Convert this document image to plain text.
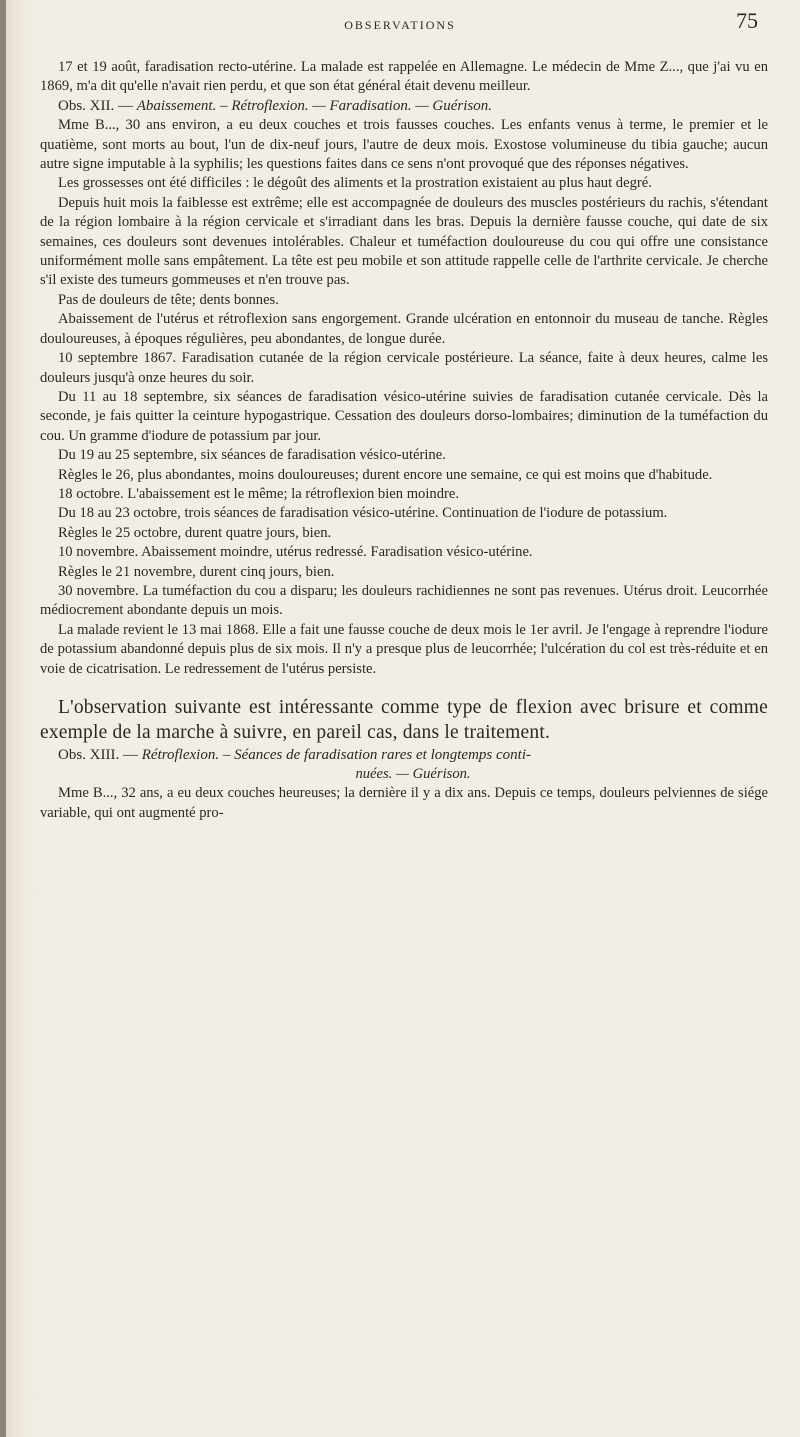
OBSERVATIONS	75

17 et 19 août, faradisation recto-utérine. La malade est rappelée en Allemagne. Le médecin de Mme Z..., que j'ai vu en 1869, m'a dit qu'elle n'avait rien perdu, et que son état général était devenu meilleur.

Obs. XII. — Abaissement. – Rétroflexion. — Faradisation. — Guérison.

Mme B..., 30 ans environ, a eu deux couches et trois fausses couches. Les enfants venus à terme, le premier et le quatième, sont morts au bout, l'un de dix-neuf jours, l'autre de deux mois. Exostose volumineuse du tibia gauche; aucun autre signe imputable à la syphilis; les questions faites dans ce sens n'ont provoqué que des réponses négatives.

Les grossesses ont été difficiles : le dégoût des aliments et la prostration existaient au plus haut degré.

Depuis huit mois la faiblesse est extrême; elle est accompagnée de douleurs des muscles postérieurs du rachis, s'étendant de la région lombaire à la région cervicale et s'irradiant dans les bras. Depuis la dernière fausse couche, qui date de six semaines, ces douleurs sont devenues intolérables. Chaleur et tuméfaction douloureuse du cou qui offre une consistance uniformément molle sans empâtement. La tête est peu mobile et son attitude rappelle celle de l'arthrite cervicale. Je cherche s'il existe des tumeurs gommeuses et n'en trouve pas.

Pas de douleurs de tête; dents bonnes.

Abaissement de l'utérus et rétroflexion sans engorgement. Grande ulcération en entonnoir du museau de tanche. Règles douloureuses, à époques régulières, peu abondantes, de longue durée.

10 septembre 1867. Faradisation cutanée de la région cervicale postérieure. La séance, faite à deux heures, calme les douleurs jusqu'à onze heures du soir.

Du 11 au 18 septembre, six séances de faradisation vésico-utérine suivies de faradisation cutanée cervicale. Dès la seconde, je fais quitter la ceinture hypogastrique. Cessation des douleurs dorso-lombaires; diminution de la tuméfaction du cou. Un gramme d'iodure de potassium par jour.

Du 19 au 25 septembre, six séances de faradisation vésico-utérine.

Règles le 26, plus abondantes, moins douloureuses; durent encore une semaine, ce qui est moins que d'habitude.

18 octobre. L'abaissement est le même; la rétroflexion bien moindre.

Du 18 au 23 octobre, trois séances de faradisation vésico-utérine. Continuation de l'iodure de potassium.

Règles le 25 octobre, durent quatre jours, bien.

10 novembre. Abaissement moindre, utérus redressé. Faradisation vésico-utérine.

Règles le 21 novembre, durent cinq jours, bien.

30 novembre. La tuméfaction du cou a disparu; les douleurs rachidiennes ne sont pas revenues. Utérus droit. Leucorrhée médiocrement abondante depuis un mois.

La malade revient le 13 mai 1868. Elle a fait une fausse couche de deux mois le 1er avril. Je l'engage à reprendre l'iodure de potassium abandonné depuis plus de six mois. Il n'y a presque plus de leucorrhée; l'ulcération du col est très-réduite et en voie de cicatrisation. Le redressement de l'utérus persiste.

L'observation suivante est intéressante comme type de flexion avec brisure et comme exemple de la marche à suivre, en pareil cas, dans le traitement.

Obs. XIII. — Rétroflexion. – Séances de faradisation rares et longtemps conti-

nuées. — Guérison.

Mme B..., 32 ans, a eu deux couches heureuses; la dernière il y a dix ans. Depuis ce temps, douleurs pelviennes de siége variable, qui ont augmenté pro-
